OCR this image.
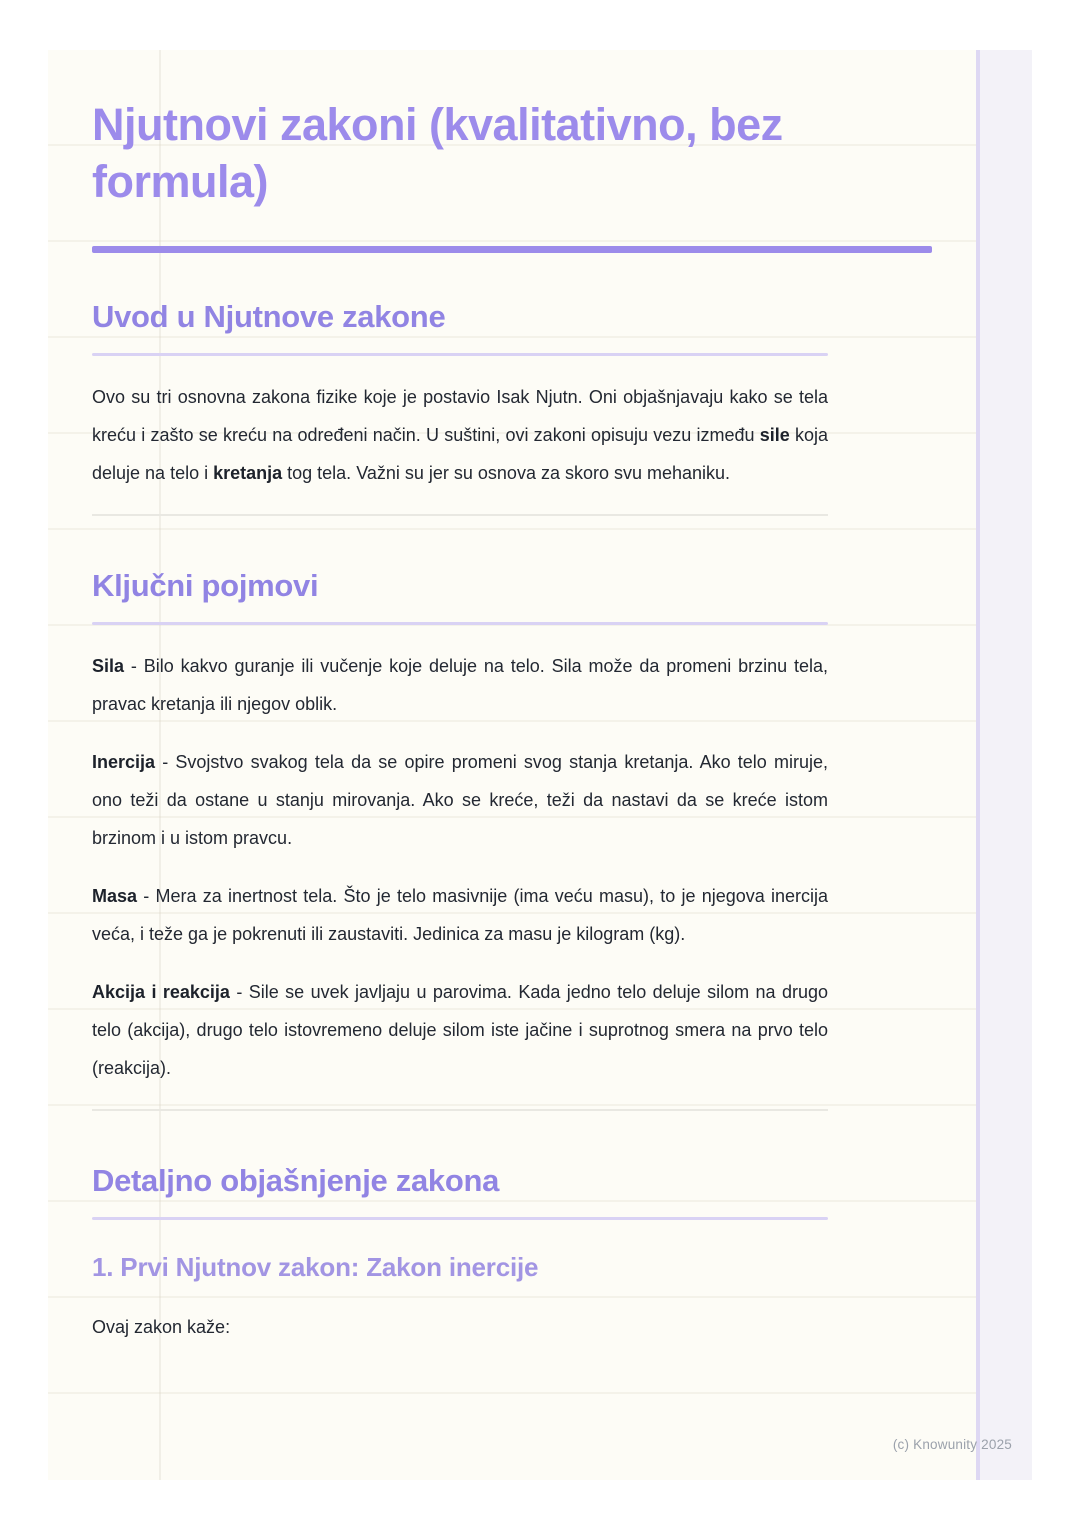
Njutnovi zakoni (kvalitativno, bez formula)
Uvod u Njutnove zakone

Ovo su tri osnovna zakona fizike koje je postavio Isak Njutn. Oni objašnjavaju kako se tela kreću i zašto se kreću na određeni način. U suštini, ovi zakoni opisuju vezu između sile koja deluje na telo i kretanja tog tela. Važni su jer su osnova za skoro svu mehaniku.

Ključni pojmovi

Sila - Bilo kakvo guranje ili vučenje koje deluje na telo. Sila može da promeni brzinu tela, pravac kretanja ili njegov oblik.

Inercija - Svojstvo svakog tela da se opire promeni svog stanja kretanja. Ako telo miruje, ono teži da ostane u stanju mirovanja. Ako se kreće, teži da nastavi da se kreće istom brzinom i u istom pravcu.

Masa - Mera za inertnost tela. Što je telo masivnije (ima veću masu), to je njegova inercija veća, i teže ga je pokrenuti ili zaustaviti. Jedinica za masu je kilogram (kg).

Akcija i reakcija - Sile se uvek javljaju u parovima. Kada jedno telo deluje silom na drugo telo (akcija), drugo telo istovremeno deluje silom iste jačine i suprotnog smera na prvo telo (reakcija).

Detaljno objašnjenje zakona
1. Prvi Njutnov zakon: Zakon inercije

Ovaj zakon kaže:

(c) Knowunity 2025
